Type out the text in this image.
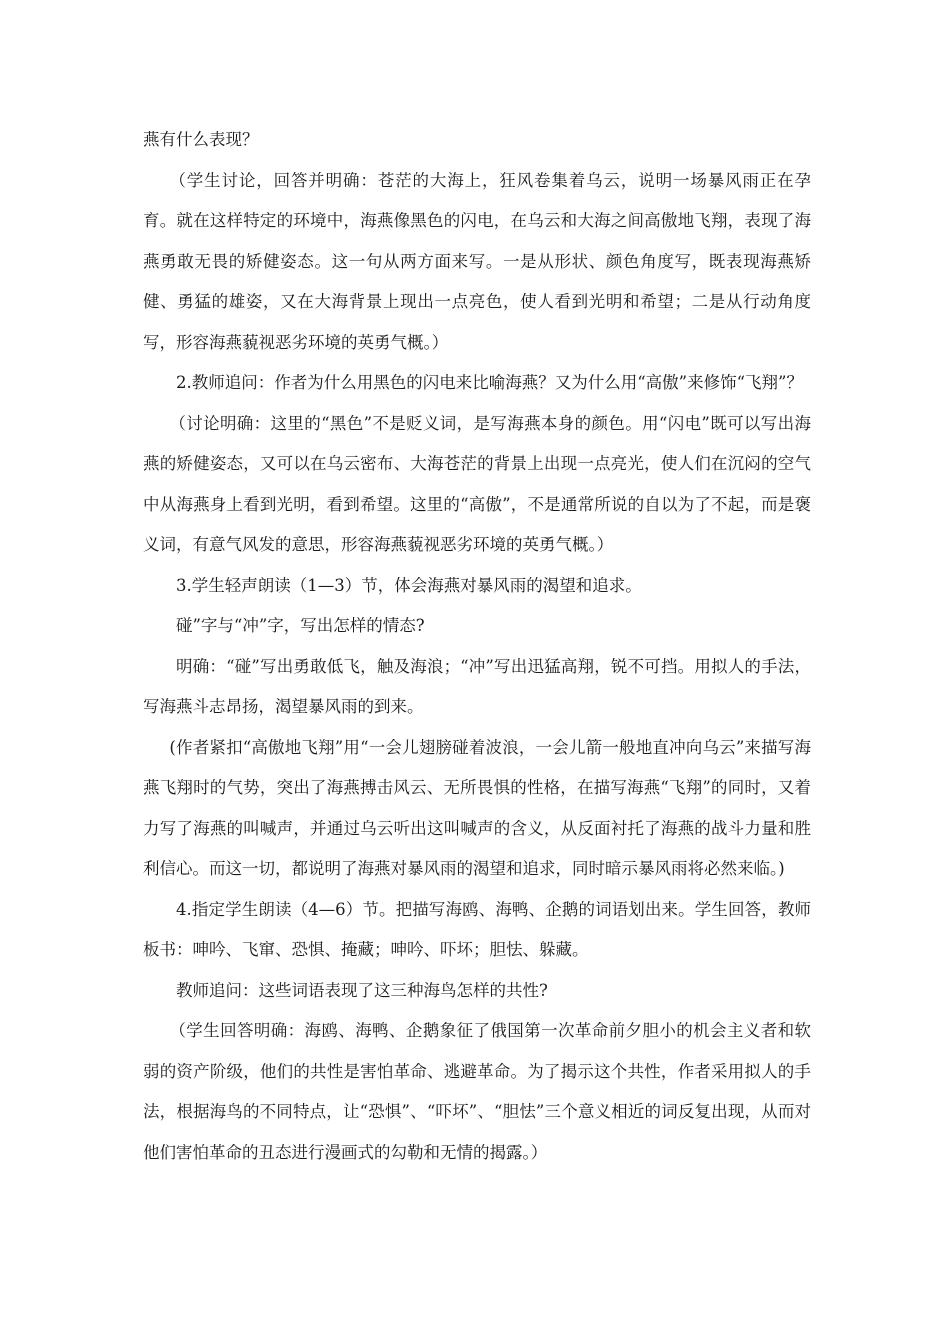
燕有什么表现？

（学生讨论，回答并明确：苍茫的大海上，狂风卷集着乌云，说明一场暴风雨正在孕育。就在这样特定的环境中，海燕像黑色的闪电，在乌云和大海之间高傲地飞翔，表现了海燕勇敢无畏的矫健姿态。这一句从两方面来写。一是从形状、颜色角度写，既表现海燕矫健、勇猛的雄姿，又在大海背景上现出一点亮色，使人看到光明和希望；二是从行动角度写，形容海燕藐视恶劣环境的英勇气概。）

2.教师追问：作者为什么用黑色的闪电来比喻海燕？又为什么用“高傲”来修饰“飞翔”？

（讨论明确：这里的“黑色”不是贬义词，是写海燕本身的颜色。用“闪电”既可以写出海燕的矫健姿态，又可以在乌云密布、大海苍茫的背景上出现一点亮光，使人们在沉闷的空气中从海燕身上看到光明，看到希望。这里的“高傲”，不是通常所说的自以为了不起，而是褒义词，有意气风发的意思，形容海燕藐视恶劣环境的英勇气概。）

3.学生轻声朗读（1—3）节，体会海燕对暴风雨的渴望和追求。

碰”字与“冲”字，写出怎样的情态?

明确：“碰”写出勇敢低飞，触及海浪；“冲”写出迅猛高翔，锐不可挡。用拟人的手法，写海燕斗志昂扬，渴望暴风雨的到来。

(作者紧扣“高傲地飞翔”用“一会儿翅膀碰着波浪，一会儿箭一般地直冲向乌云”来描写海燕飞翔时的气势，突出了海燕搏击风云、无所畏惧的性格，在描写海燕“飞翔”的同时，又着力写了海燕的叫喊声，并通过乌云听出这叫喊声的含义，从反面衬托了海燕的战斗力量和胜利信心。而这一切，都说明了海燕对暴风雨的渴望和追求，同时暗示暴风雨将必然来临。)

4.指定学生朗读（4—6）节。把描写海鸥、海鸭、企鹅的词语划出来。学生回答，教师板书：呻吟、飞窜、恐惧、掩藏；呻吟、吓坏；胆怯、躲藏。

教师追问：这些词语表现了这三种海鸟怎样的共性?

（学生回答明确：海鸥、海鸭、企鹅象征了俄国第一次革命前夕胆小的机会主义者和软弱的资产阶级，他们的共性是害怕革命、逃避革命。为了揭示这个共性，作者采用拟人的手法，根据海鸟的不同特点，让“恐惧”、“吓坏”、“胆怯”三个意义相近的词反复出现，从而对他们害怕革命的丑态进行漫画式的勾勒和无情的揭露。）
